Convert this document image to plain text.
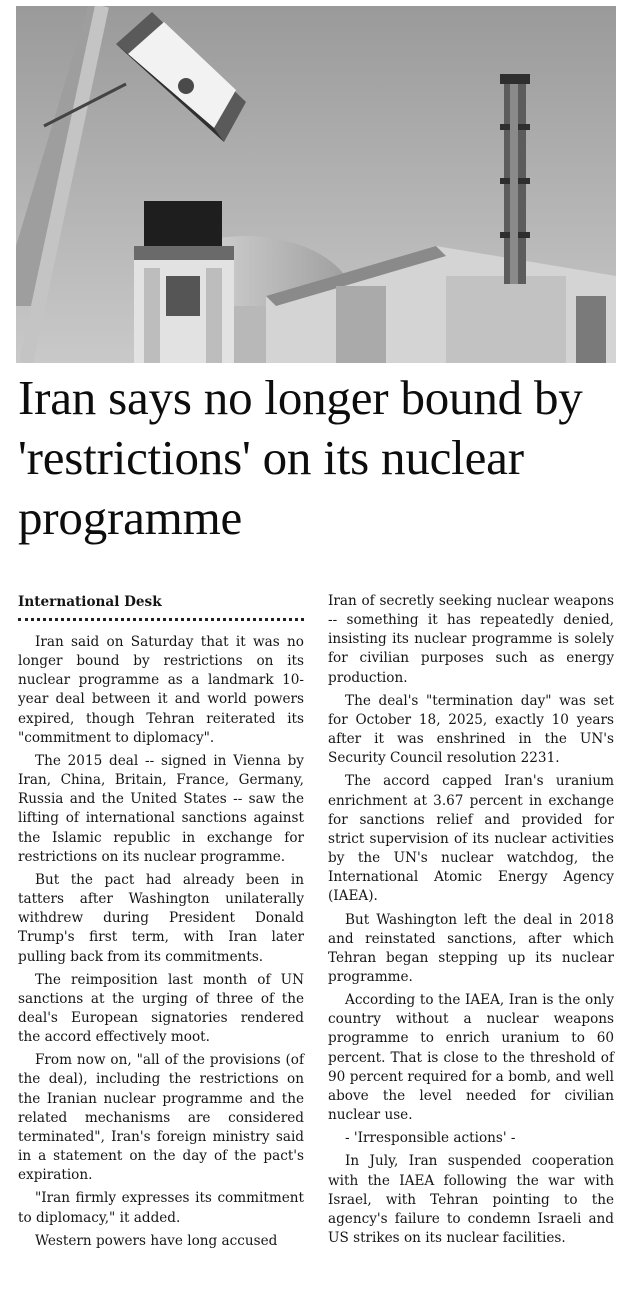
Iran says no longer bound by 'restrictions' on its nuclear programme
International Desk

Iran said on Saturday that it was no longer bound by restrictions on its nuclear programme as a landmark 10-year deal between it and world powers expired, though Tehran reiterated its "commitment to diplomacy".

The 2015 deal -- signed in Vienna by Iran, China, Britain, France, Germany, Russia and the United States -- saw the lifting of international sanctions against the Islamic republic in exchange for restrictions on its nuclear programme.

But the pact had already been in tatters after Washington unilaterally withdrew during President Donald Trump's first term, with Iran later pulling back from its commitments.

The reimposition last month of UN sanctions at the urging of three of the deal's European signatories rendered the accord effectively moot.

From now on, "all of the provisions (of the deal), including the restrictions on the Iranian nuclear programme and the related mechanisms are considered terminated", Iran's foreign ministry said in a statement on the day of the pact's expiration.

"Iran firmly expresses its commitment to diplomacy," it added.

Western powers have long accused

Iran of secretly seeking nuclear weapons -- something it has repeatedly denied, insisting its nuclear programme is solely for civilian purposes such as energy production.

The deal's "termination day" was set for October 18, 2025, exactly 10 years after it was enshrined in the UN's Security Council resolution 2231.

The accord capped Iran's uranium enrichment at 3.67 percent in exchange for sanctions relief and provided for strict supervision of its nuclear activities by the UN's nuclear watchdog, the International Atomic Energy Agency (IAEA).

But Washington left the deal in 2018 and reinstated sanctions, after which Tehran began stepping up its nuclear programme.

According to the IAEA, Iran is the only country without a nuclear weapons programme to enrich uranium to 60 percent. That is close to the threshold of 90 percent required for a bomb, and well above the level needed for civilian nuclear use.

- 'Irresponsible actions' -

In July, Iran suspended cooperation with the IAEA following the war with Israel, with Tehran pointing to the agency's failure to condemn Israeli and US strikes on its nuclear facilities.
